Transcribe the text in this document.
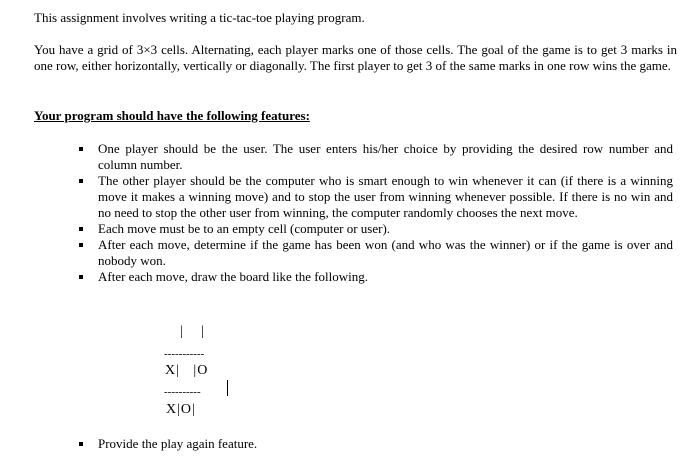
This assignment involves writing a tic-tac-toe playing program.

You have a grid of 3×3 cells. Alternating, each player marks one of those cells. The goal of the game is to get 3 marks in one row, either horizontally, vertically or diagonally. The first player to get 3 of the same marks in one row wins the game.

Your program should have the following features:

One player should be the user. The user enters his/her choice by providing the desired row number and column number.
The other player should be the computer who is smart enough to win whenever it can (if there is a winning move it makes a winning move) and to stop the user from winning whenever possible. If there is no win and no need to stop the other user from winning, the computer randomly chooses the next move.
Each move must be to an empty cell (computer or user).
After each move, determine if the game has been won (and who was the winner) or if the game is over and nobody won.
After each move, draw the board like the following.
|   |
-----------
X|   |O
----------
X|O|
Provide the play again feature.
